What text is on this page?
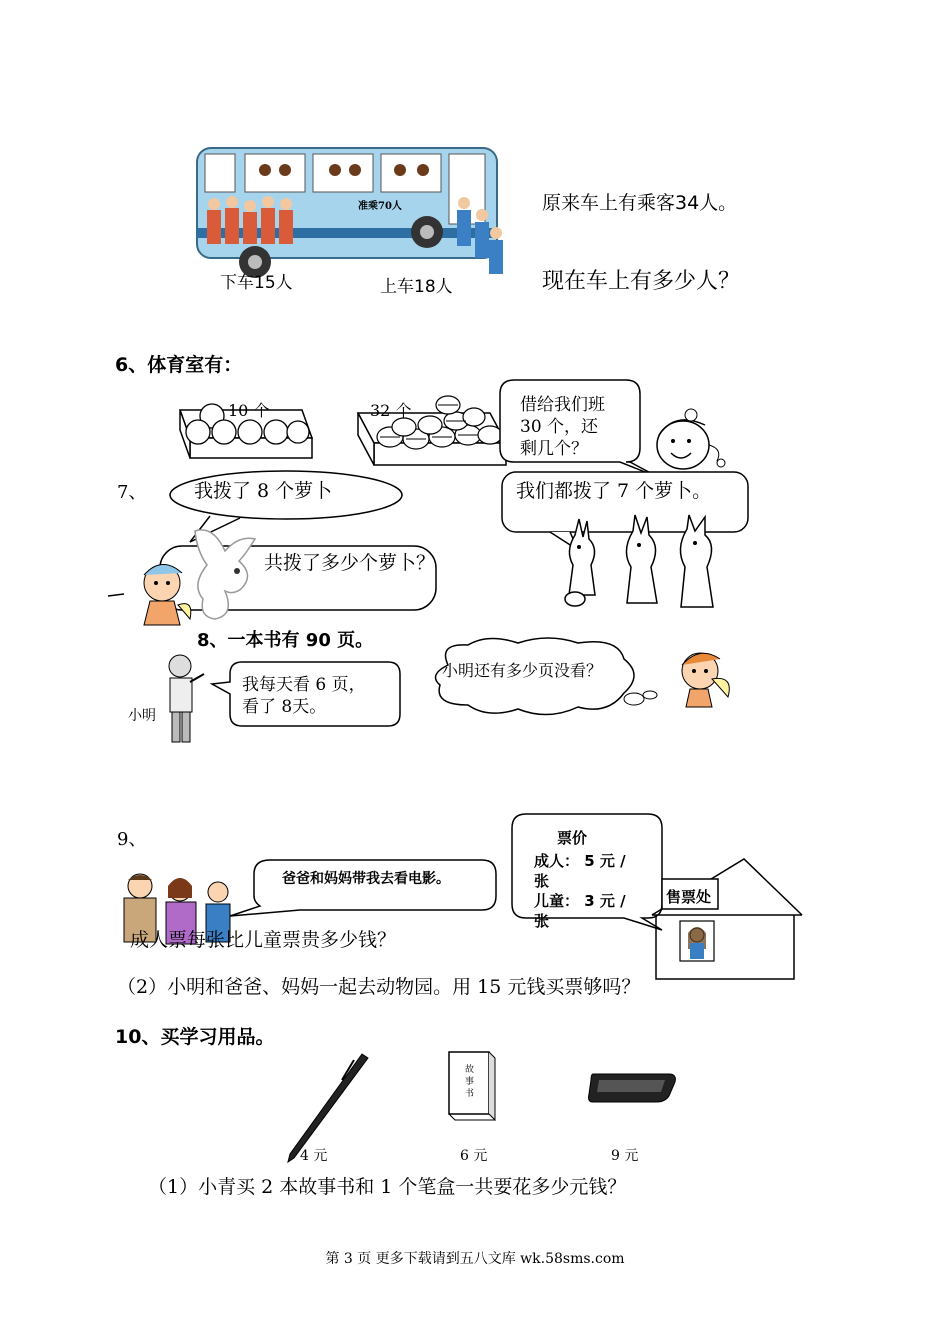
准乘70人
下车15人	上车18人
原来车上有乘客34人。
现在车上有多少人？
6、体育室有：
10 个	32 个	借给我们班
30 个，还
剩几个？
7、	我拨了 8 个萝卜	我们都拨了 7 个萝卜。
共拨了多少个萝卜？
8、一本书有 90 页。
小明
我每天看 6 页，
看了 8天。
小明还有多少页没看？
9、
爸爸和妈妈带我去看电影。
票价
成人： 5 元 /
张
儿童： 3 元 /
张
售票处
成人票每张比儿童票贵多少钱？
（2）小明和爸爸、妈妈一起去动物园。用 15 元钱买票够吗？
10、买学习用品。
故
事
书
4 元	6 元	9 元
（1）小青买 2 本故事书和 1 个笔盒一共要花多少元钱？
第 3 页 更多下载请到五八文库 wk.58sms.com
